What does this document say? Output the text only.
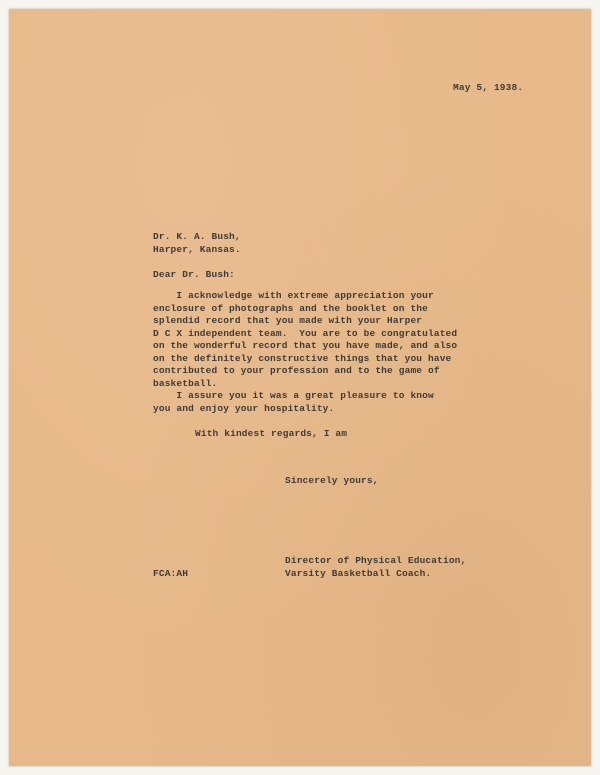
May 5, 1938.

Dr. K. A. Bush,

Harper, Kansas.

Dear Dr. Bush:

I acknowledge with extreme appreciation your
enclosure of photographs and the booklet on the
splendid record that you made with your Harper
D C X independent team.  You are to be congratulated
on the wonderful record that you have made, and also
on the definitely constructive things that you have
contributed to your profession and to the game of
basketball.

I assure you it was a great pleasure to know
you and enjoy your hospitality.

With kindest regards, I am

Sincerely yours,

Director of Physical Education,

Varsity Basketball Coach.

FCA:AH
